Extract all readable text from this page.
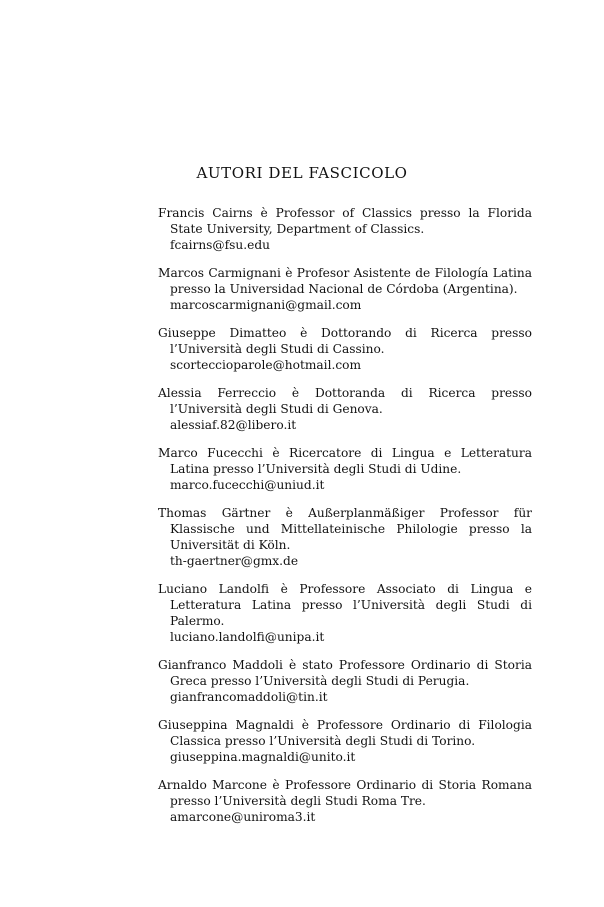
AUTORI DEL FASCICOLO
Francis Cairns è Professor of Classics presso la Florida State University, Department of Classics.
fcairns@fsu.edu
Marcos Carmignani è Profesor Asistente de Filología Latina presso la Universidad Nacional de Córdoba (Argentina).
marcoscarmignani@gmail.com
Giuseppe Dimatteo è Dottorando di Ricerca presso l’Università degli Studi di Cassino.
scorteccioparole@hotmail.com
Alessia Ferreccio è Dottoranda di Ricerca presso l’Università degli Studi di Genova.
alessiaf.82@libero.it
Marco Fucecchi è Ricercatore di Lingua e Letteratura Latina presso l’Università degli Studi di Udine.
marco.fucecchi@uniud.it
Thomas Gärtner è Außerplanmäßiger Professor für Klassische und Mittellateinische Philologie presso la Universität di Köln.
th-gaertner@gmx.de
Luciano Landolfi è Professore Associato di Lingua e Letteratura Latina presso l’Università degli Studi di Palermo.
luciano.landolfi@unipa.it
Gianfranco Maddoli è stato Professore Ordinario di Storia Greca presso l’Università degli Studi di Perugia.
gianfrancomaddoli@tin.it
Giuseppina Magnaldi è Professore Ordinario di Filologia Classica presso l’Università degli Studi di Torino.
giuseppina.magnaldi@unito.it
Arnaldo Marcone è Professore Ordinario di Storia Romana presso l’Università degli Studi Roma Tre.
amarcone@uniroma3.it
